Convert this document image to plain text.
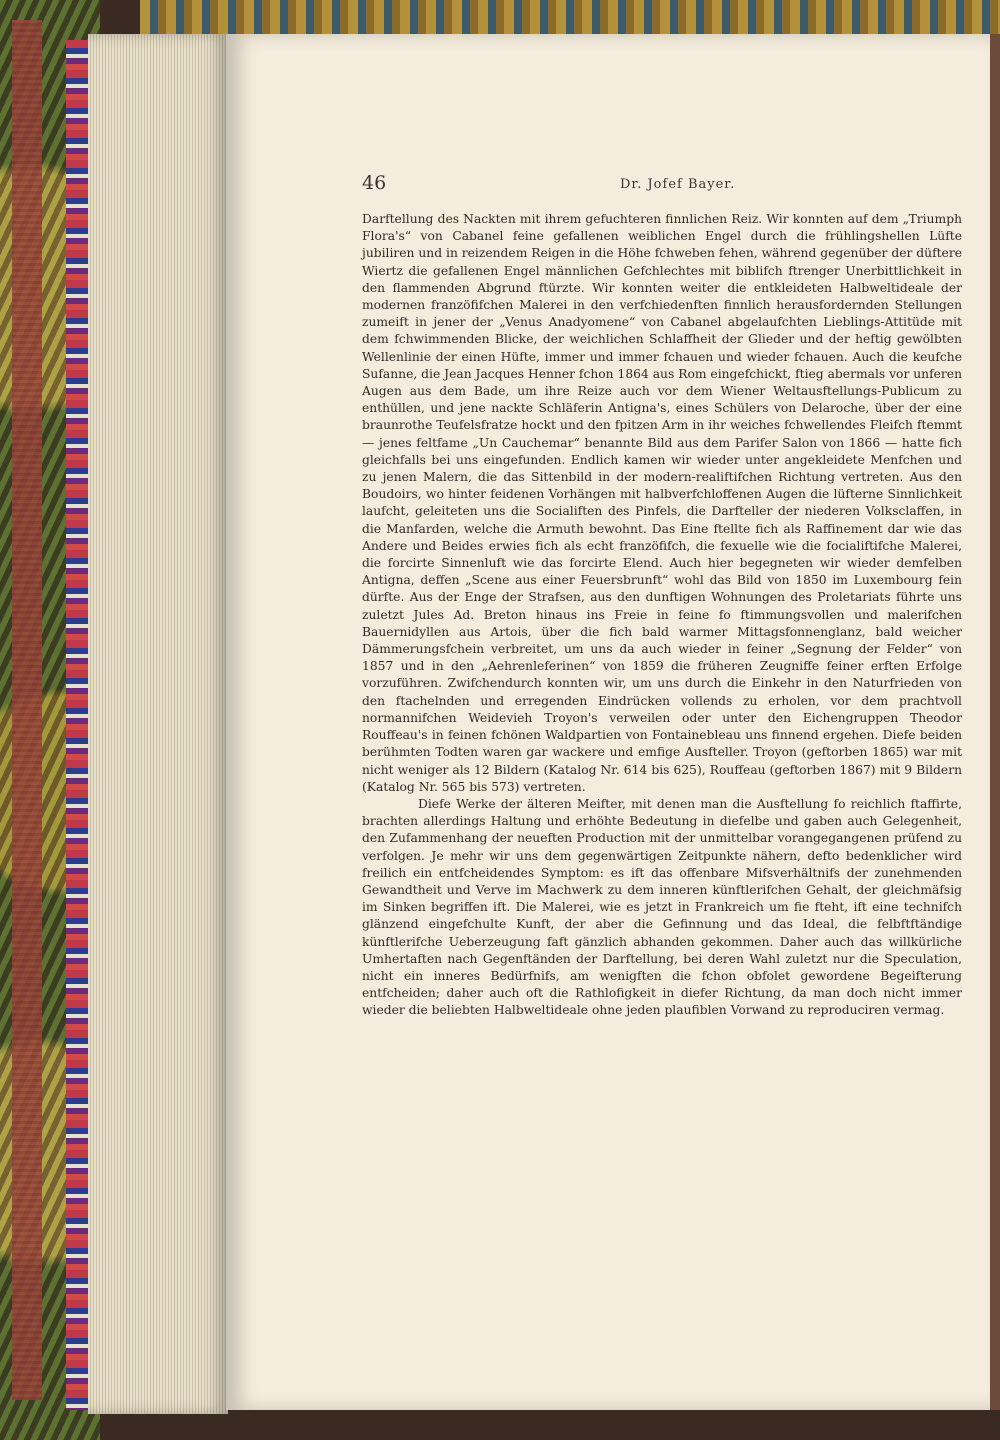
46	Dr. Jofef Bayer.

Darftellung des Nackten mit ihrem gefuchteren finnlichen Reiz. Wir konnten auf dem „Triumph Flora's“ von Cabanel feine gefallenen weiblichen Engel durch die frühlingshellen Lüfte jubiliren und in reizendem Reigen in die Höhe fchweben fehen, während gegenüber der düftere Wiertz die gefallenen Engel männlichen Gefchlechtes mit biblifch ftrenger Unerbittlichkeit in den flammenden Abgrund ftürzte. Wir konnten weiter die entkleideten Halbweltideale der modernen franzöfifchen Malerei in den verfchiedenften finnlich herausfordernden Stellungen zumeift in jener der „Venus Anadyomene“ von Cabanel abgelaufchten Lieblings-Attitüde mit dem fchwimmenden Blicke, der weichlichen Schlaffheit der Glieder und der heftig gewölbten Wellenlinie der einen Hüfte, immer und immer fchauen und wieder fchauen. Auch die keufche Sufanne, die Jean Jacques Henner fchon 1864 aus Rom eingefchickt, ftieg abermals vor unferen Augen aus dem Bade, um ihre Reize auch vor dem Wiener Weltausftellungs-Publicum zu enthüllen, und jene nackte Schläferin Antigna's, eines Schülers von Delaroche, über der eine braunrothe Teufelsfratze hockt und den fpitzen Arm in ihr weiches fchwellendes Fleifch ftemmt — jenes feltfame „Un Cauchemar“ benannte Bild aus dem Parifer Salon von 1866 — hatte fich gleichfalls bei uns eingefunden. Endlich kamen wir wieder unter angekleidete Menfchen und zu jenen Malern, die das Sittenbild in der modern-realiftifchen Richtung vertreten. Aus den Boudoirs, wo hinter feidenen Vorhängen mit halbverfchloffenen Augen die lüfterne Sinnlichkeit laufcht, geleiteten uns die Socialiften des Pinfels, die Darfteller der niederen Volksclaffen, in die Manfarden, welche die Armuth bewohnt. Das Eine ftellte fich als Raffinement dar wie das Andere und Beides erwies fich als echt franzöfifch, die fexuelle wie die focialiftifche Malerei, die forcirte Sinnenluft wie das forcirte Elend. Auch hier begegneten wir wieder demfelben Antigna, deffen „Scene aus einer Feuersbrunft“ wohl das Bild von 1850 im Luxembourg fein dürfte. Aus der Enge der Strafsen, aus den dunftigen Wohnungen des Proletariats führte uns zuletzt Jules Ad. Breton hinaus ins Freie in feine fo ftimmungsvollen und malerifchen Bauernidyllen aus Artois, über die fich bald warmer Mittagsfonnenglanz, bald weicher Dämmerungsfchein verbreitet, um uns da auch wieder in feiner „Segnung der Felder“ von 1857 und in den „Aehrenleferinen“ von 1859 die früheren Zeugniffe feiner erften Erfolge vorzuführen. Zwifchendurch konnten wir, um uns durch die Einkehr in den Naturfrieden von den ftachelnden und erregenden Eindrücken vollends zu erholen, vor dem prachtvoll normannifchen Weidevieh Troyon's verweilen oder unter den Eichengruppen Theodor Rouffeau's in feinen fchönen Waldpartien von Fontainebleau uns finnend ergehen. Diefe beiden berühmten Todten waren gar wackere und emfige Ausfteller. Troyon (geftorben 1865) war mit nicht weniger als 12 Bildern (Katalog Nr. 614 bis 625), Rouffeau (geftorben 1867) mit 9 Bildern (Katalog Nr. 565 bis 573) vertreten.

Diefe Werke der älteren Meifter, mit denen man die Ausftellung fo reichlich ftaffirte, brachten allerdings Haltung und erhöhte Bedeutung in diefelbe und gaben auch Gelegenheit, den Zufammenhang der neueften Production mit der unmittelbar vorangegangenen prüfend zu verfolgen. Je mehr wir uns dem gegenwärtigen Zeitpunkte nähern, defto bedenklicher wird freilich ein entfcheidendes Symptom: es ift das offenbare Mifsverhältnifs der zunehmenden Gewandtheit und Verve im Machwerk zu dem inneren künftlerifchen Gehalt, der gleichmäfsig im Sinken begriffen ift. Die Malerei, wie es jetzt in Frankreich um fie fteht, ift eine technifch glänzend eingefchulte Kunft, der aber die Gefinnung und das Ideal, die felbftftändige künftlerifche Ueberzeugung faft gänzlich abhanden gekommen. Daher auch das willkürliche Umhertaften nach Gegenftänden der Darftellung, bei deren Wahl zuletzt nur die Speculation, nicht ein inneres Bedürfnifs, am wenigften die fchon obfolet gewordene Begeifterung entfcheiden; daher auch oft die Rathlofigkeit in diefer Richtung, da man doch nicht immer wieder die beliebten Halbweltideale ohne jeden plaufiblen Vorwand zu reproduciren vermag.
